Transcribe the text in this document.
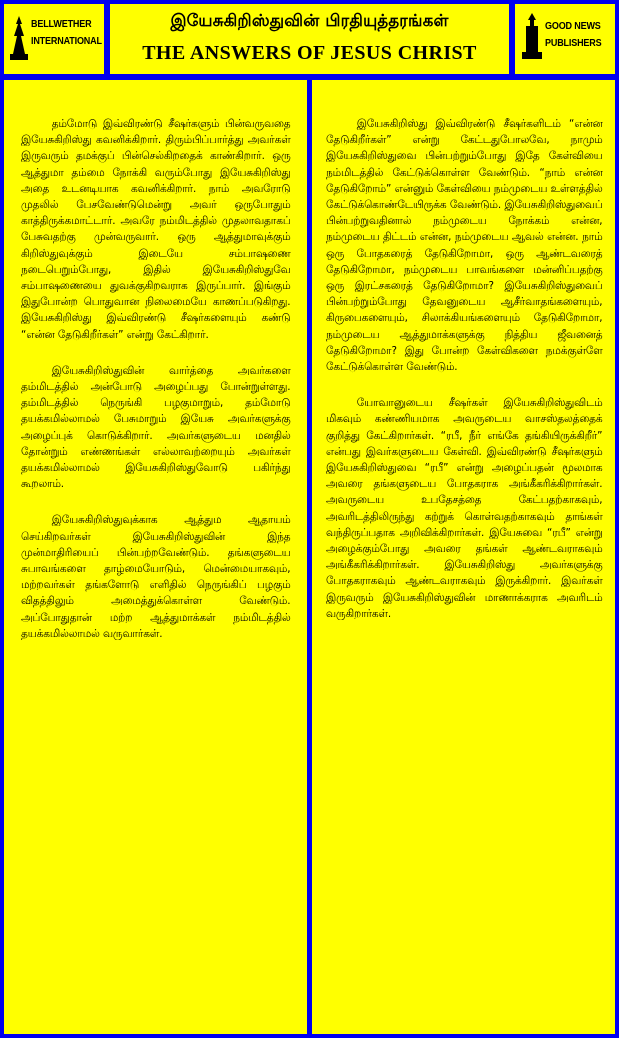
BELLWETHER
INTERNATIONAL
இயேசுகிறிஸ்துவின் பிரதியுத்தரங்கள்
THE ANSWERS OF JESUS CHRIST
GOOD NEWS
PUBLISHERS

தம்மோடு இவ்விரண்டு சீஷர்களும் பின்வருவதை இயேசுகிறிஸ்து கவனிக்கிறார். திரும்பிப்பார்த்து அவர்கள் இருவரும் தமக்குப் பின்செல்கிறதைக் காண்கிறார். ஒரு ஆத்துமா தம்மை நோக்கி வரும்போது இயேசுகிறிஸ்து அதை உடனடியாக கவனிக்கிறார். நாம் அவரோடு முதலில் பேசவேண்டுமென்று அவர் ஒருபோதும் காத்திருக்கமாட்டார். அவரே நம்மிடத்தில் முதலாவதாகப் பேசுவதற்கு முன்வருவார். ஒரு ஆத்துமாவுக்கும் கிறிஸ்துவுக்கும் இடையே சம்பாஷணை நடைபெறும்போது, இதில் இயேசுகிறிஸ்துவே சம்பாஷணையை துவக்குகிறவராக இருப்பார். இங்கும் இதுபோன்ற பொதுவான நிலைமையே காணப்படுகிறது. இயேசுகிறிஸ்து இவ்விரண்டு சீஷர்களையும் கண்டு “என்ன தேடுகிறீர்கள்” என்று கேட்கிறார்.

இயேசுகிறிஸ்துவின் வார்த்தை அவர்களை தம்மிடத்தில் அன்போடு அழைப்பது போன்றுள்ளது. தம்மிடத்தில் நெருங்கி பழகுமாறும், தம்மோடு தயக்கமில்லாமல் பேசுமாறும் இயேசு அவர்களுக்கு அழைப்புக் கொடுக்கிறார். அவர்களுடைய மனதில் தோன்றும் எண்ணங்கள் எல்லாவற்றையும் அவர்கள் தயக்கமில்லாமல் இயேசுகிறிஸ்துவோடு பகிர்ந்து கூறலாம்.

இயேசுகிறிஸ்துவுக்காக ஆத்தும ஆதாயம் செய்கிறவர்கள் இயேசுகிறிஸ்துவின் இந்த முன்மாதிரியைப் பின்பற்றவேண்டும். தங்களுடைய சுபாவங்களை தாழ்மையோடும், மென்மையாகவும், மற்றவர்கள் தங்களோடு எளிதில் நெருங்கிப் பழகும் விதத்திலும் அமைத்துக்கொள்ள வேண்டும். அப்போதுதான் மற்ற ஆத்துமாக்கள் நம்மிடத்தில் தயக்கமில்லாமல் வருவார்கள்.

இயேசுகிறிஸ்து இவ்விரண்டு சீஷர்களிடம் “என்ன தேடுகிறீர்கள்” என்று கேட்டதுபோலவே, நாமும் இயேசுகிறிஸ்துவை பின்பற்றும்போது இதே கேள்வியை நம்மிடத்தில் கேட்டுக்கொள்ள வேண்டும். “நாம் என்ன தேடுகிறோம்” என்னும் கேள்வியை நம்முடைய உள்ளத்தில் கேட்டுக்கொண்டேயிருக்க வேண்டும். இயேசுகிறிஸ்துவைப் பின்பற்றுவதினால் நம்முடைய நோக்கம் என்ன, நம்முடைய திட்டம் என்ன, நம்முடைய ஆவல் என்ன. நாம் ஒரு போதகரைத் தேடுகிறோமா, ஒரு ஆண்டவரைத் தேடுகிறோமா, நம்முடைய பாவங்களை மன்னிப்பதற்கு ஒரு இரட்சகரைத் தேடுகிறோமா? இயேசுகிறிஸ்துவைப் பின்பற்றும்போது தேவனுடைய ஆசீர்வாதங்களையும், கிருபைகளையும், சிலாக்கியங்களையும் தேடுகிறோமா, நம்முடைய ஆத்துமாக்களுக்கு நித்திய ஜீவனைத் தேடுகிறோமா? இது போன்ற கேள்விகளை நமக்குள்ளே கேட்டுக்கொள்ள வேண்டும்.

யோவானுடைய சீஷர்கள் இயேசுகிறிஸ்துவிடம் மிகவும் கண்ணியமாக அவருடைய வாசஸ்தலத்தைக் குறித்து கேட்கிறார்கள். “ரபீ, நீர் எங்கே தங்கியிருக்கிறீர்” என்பது இவர்களுடைய கேள்வி. இவ்விரண்டு சீஷர்களும் இயேசுகிறிஸ்துவை “ரபீ” என்று அழைப்பதன் மூலமாக அவரை தங்களுடைய போதகராக அங்கீகரிக்கிறார்கள். அவருடைய உபதேசத்தை கேட்பதற்காகவும், அவரிடத்திலிருந்து கற்றுக் கொள்வதற்காகவும் தாங்கள் வந்திருப்பதாக அறிவிக்கிறார்கள். இயேசுவை “ரபீ” என்று அழைக்கும்போது அவரை தங்கள் ஆண்டவராகவும் அங்கீகரிக்கிறார்கள். இயேசுகிறிஸ்து அவர்களுக்கு போதகராகவும் ஆண்டவராகவும் இருக்கிறார். இவர்கள் இருவரும் இயேசுகிறிஸ்துவின் மாணாக்கராக அவரிடம் வருகிறார்கள்.
